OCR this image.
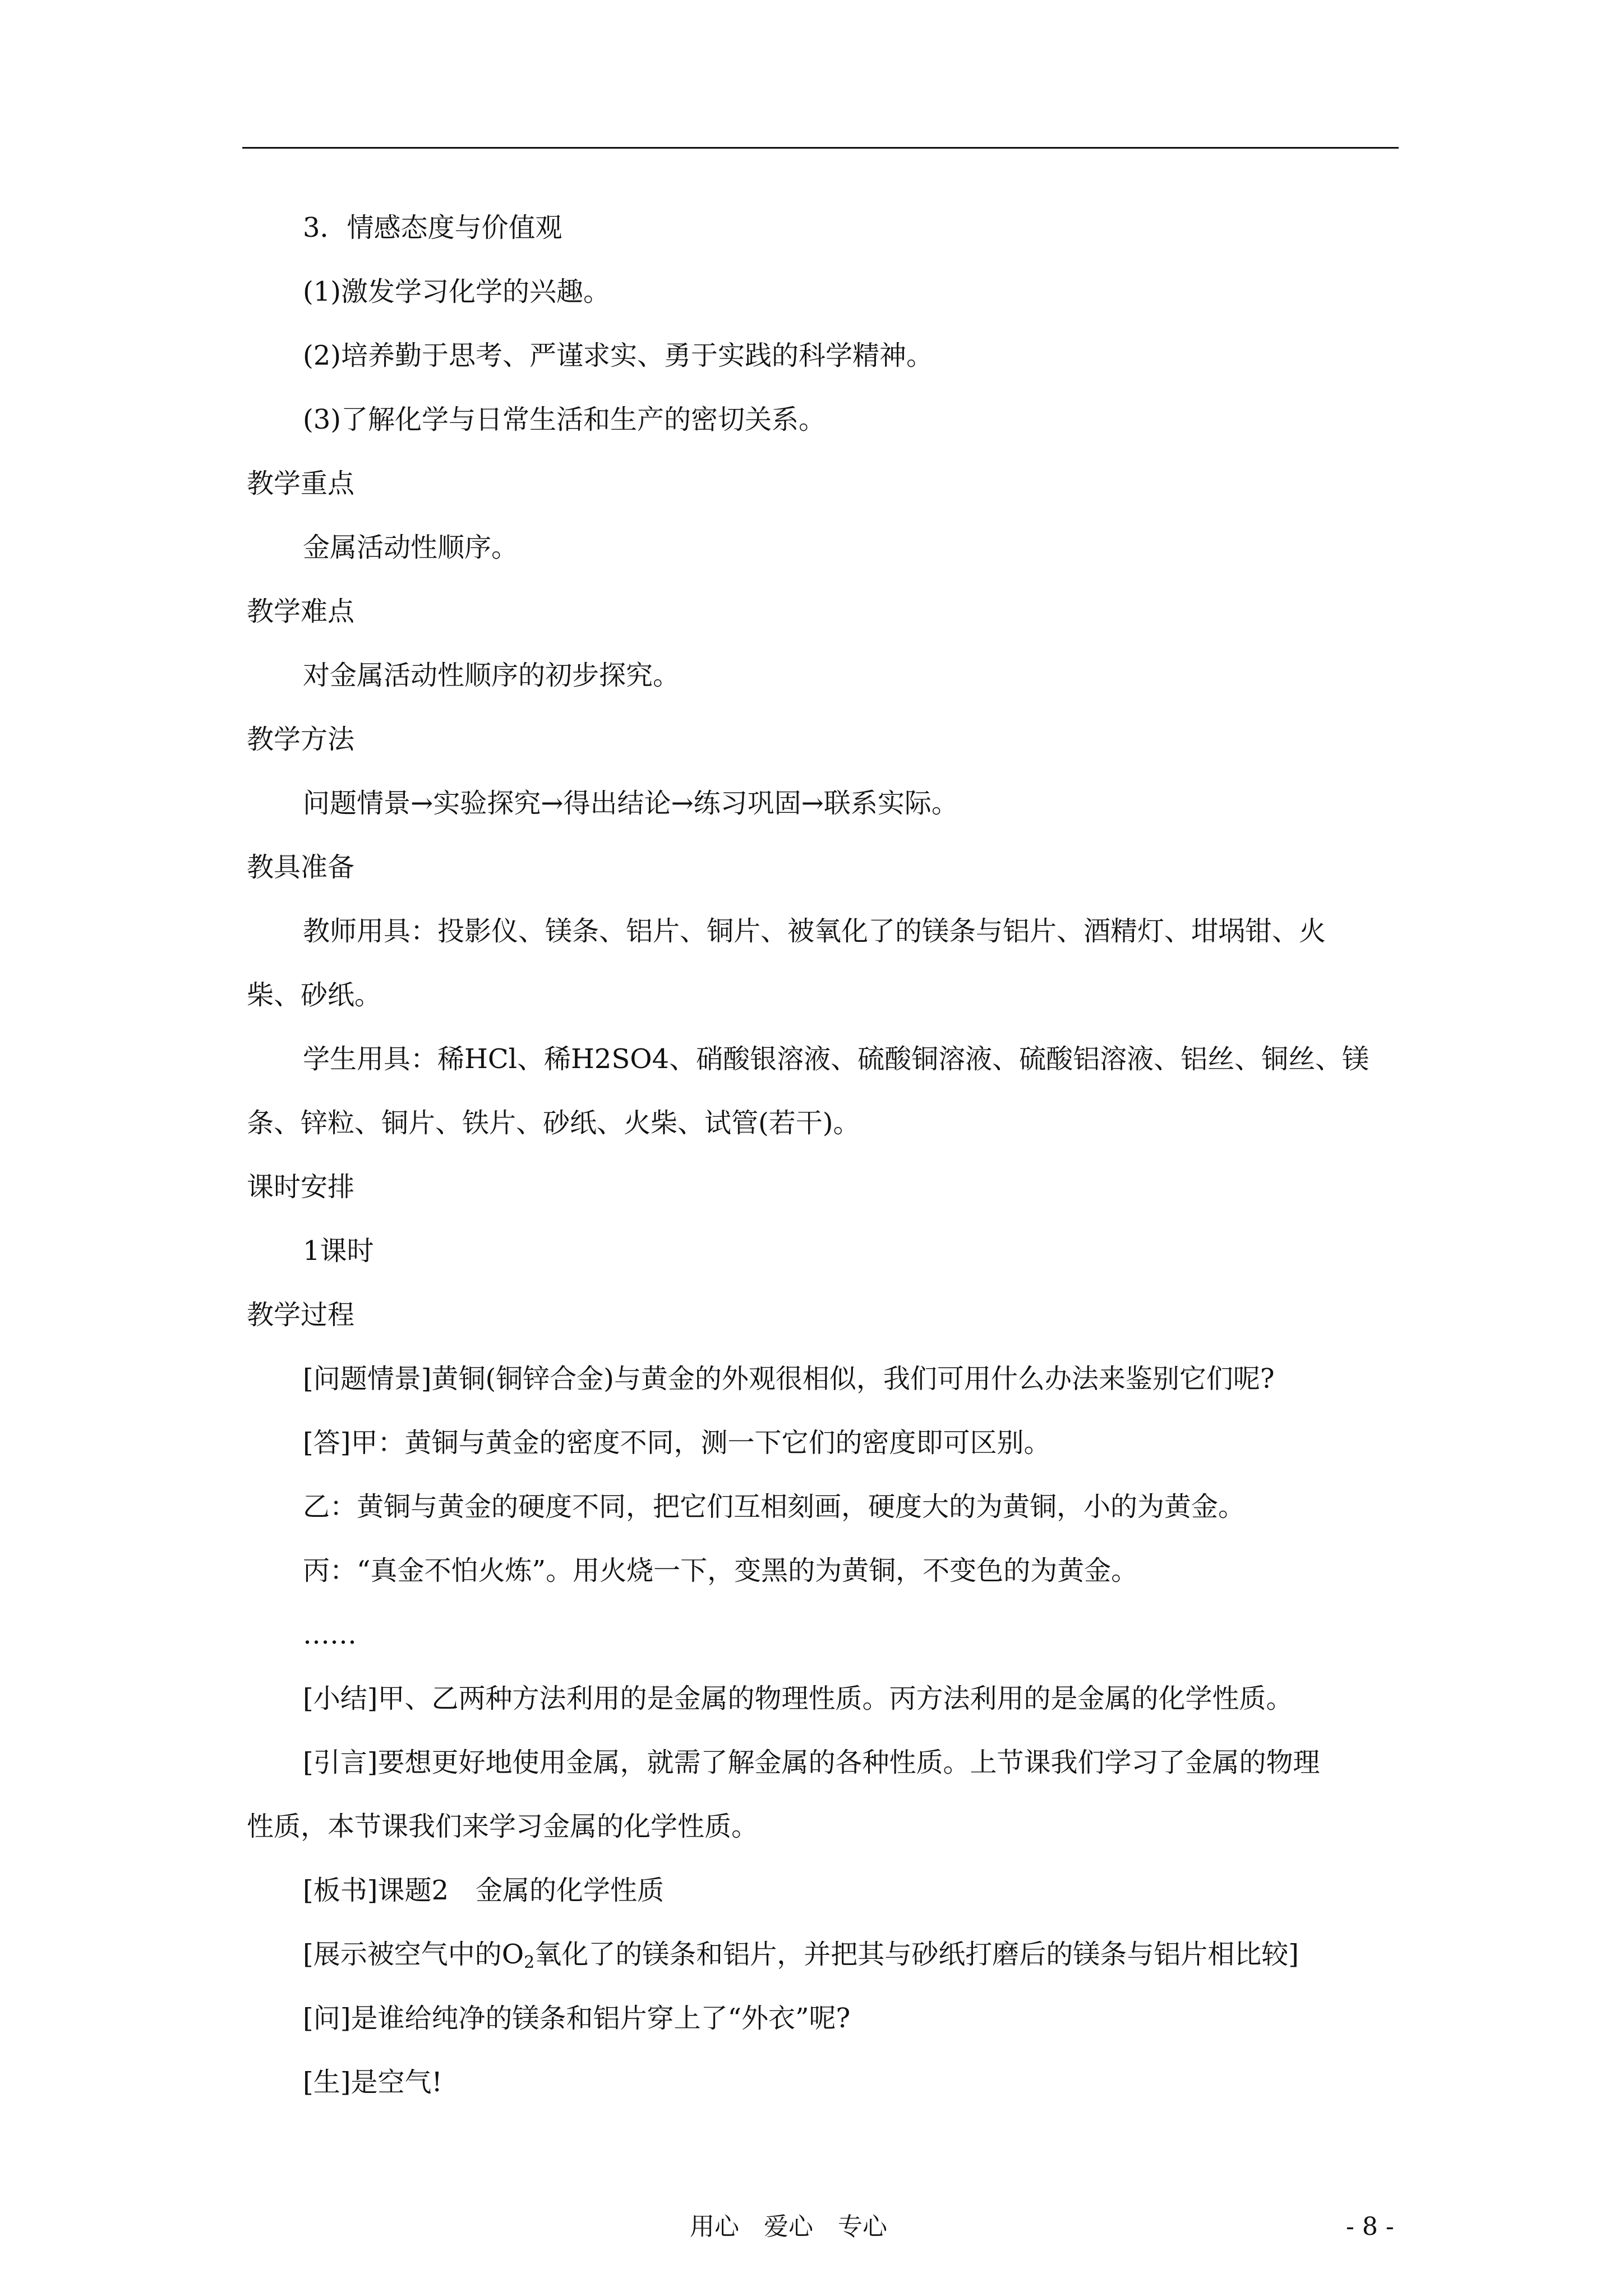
3．情感态度与价值观
(1)激发学习化学的兴趣。
(2)培养勤于思考、严谨求实、勇于实践的科学精神。
(3)了解化学与日常生活和生产的密切关系。
教学重点
金属活动性顺序。
教学难点
对金属活动性顺序的初步探究。
教学方法
问题情景→实验探究→得出结论→练习巩固→联系实际。
教具准备
教师用具：投影仪、镁条、铝片、铜片、被氧化了的镁条与铝片、酒精灯、坩埚钳、火
柴、砂纸。
学生用具：稀HCl、稀H2SO4、硝酸银溶液、硫酸铜溶液、硫酸铝溶液、铝丝、铜丝、镁
条、锌粒、铜片、铁片、砂纸、火柴、试管(若干)。
课时安排
1课时
教学过程
[问题情景]黄铜(铜锌合金)与黄金的外观很相似，我们可用什么办法来鉴别它们呢?
[答]甲：黄铜与黄金的密度不同，测一下它们的密度即可区别。
乙：黄铜与黄金的硬度不同，把它们互相刻画，硬度大的为黄铜，小的为黄金。
丙：“真金不怕火炼”。用火烧一下，变黑的为黄铜，不变色的为黄金。
……
[小结]甲、乙两种方法利用的是金属的物理性质。丙方法利用的是金属的化学性质。
[引言]要想更好地使用金属，就需了解金属的各种性质。上节课我们学习了金属的物理
性质，本节课我们来学习金属的化学性质。
[板书]课题2　金属的化学性质
[展示被空气中的$O_2$氧化了的镁条和铝片，并把其与砂纸打磨后的镁条与铝片相比较]
[问]是谁给纯净的镁条和铝片穿上了“外衣”呢?
[生]是空气!
用心　爱心　专心	- 8 -
